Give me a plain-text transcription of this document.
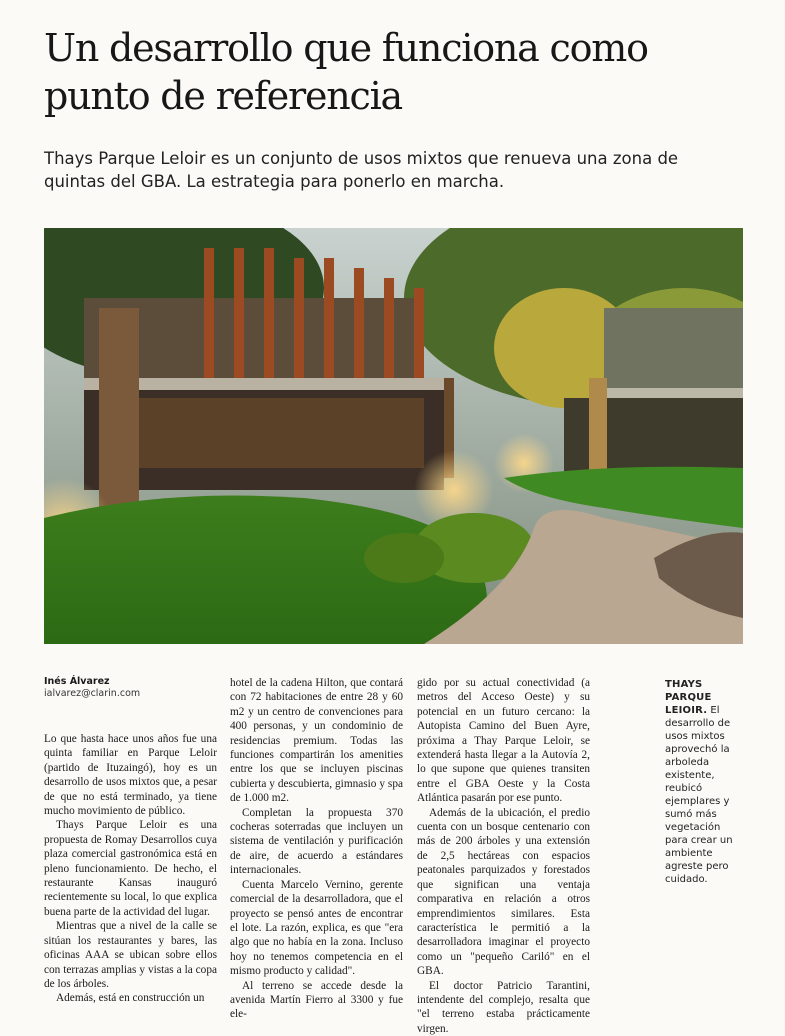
Un desarrollo que funciona como punto de referencia

Thays Parque Leloir es un conjunto de usos mixtos que renueva una zona de quintas del GBA. La estrategia para ponerlo en marcha.

Inés Álvarez
ialvarez@clarin.com

Lo que hasta hace unos años fue una quinta familiar en Parque Leloir (partido de Ituzaingó), hoy es un desarrollo de usos mixtos que, a pesar de que no está terminado, ya tiene mucho movimiento de público.

Thays Parque Leloir es una propuesta de Romay Desarrollos cuya plaza comercial gastronómica está en pleno funcionamiento. De hecho, el restaurante Kansas inauguró recientemente su local, lo que explica buena parte de la actividad del lugar.

Mientras que a nivel de la calle se sitúan los restaurantes y bares, las oficinas AAA se ubican sobre ellos con terrazas amplias y vistas a la copa de los árboles.

Además, está en construcción un

hotel de la cadena Hilton, que contará con 72 habitaciones de entre 28 y 60 m2 y un centro de convenciones para 400 personas, y un condominio de residencias premium. Todas las funciones compartirán los amenities entre los que se incluyen piscinas cubierta y descubierta, gimnasio y spa de 1.000 m2.

Completan la propuesta 370 cocheras soterradas que incluyen un sistema de ventilación y purificación de aire, de acuerdo a estándares internacionales.

Cuenta Marcelo Vernino, gerente comercial de la desarrolladora, que el proyecto se pensó antes de encontrar el lote. La razón, explica, es que "era algo que no había en la zona. Incluso hoy no tenemos competencia en el mismo producto y calidad".

Al terreno se accede desde la avenida Martín Fierro al 3300 y fue ele-

gido por su actual conectividad (a metros del Acceso Oeste) y su potencial en un futuro cercano: la Autopista Camino del Buen Ayre, próxima a Thay Parque Leloir, se extenderá hasta llegar a la Autovía 2, lo que supone que quienes transiten entre el GBA Oeste y la Costa Atlántica pasarán por ese punto.

Además de la ubicación, el predio cuenta con un bosque centenario con más de 200 árboles y una extensión de 2,5 hectáreas con espacios peatonales parquizados y forestados que significan una ventaja comparativa en relación a otros emprendimientos similares. Esta característica le permitió a la desarrolladora imaginar el proyecto como un "pequeño Cariló" en el GBA.

El doctor Patricio Tarantini, intendente del complejo, resalta que "el terreno estaba prácticamente virgen.

THAYS PARQUE LEIOIR. El desarrollo de usos mixtos aprovechó la arboleda existente, reubicó ejemplares y sumó más vegetación para crear un ambiente agreste pero cuidado.
